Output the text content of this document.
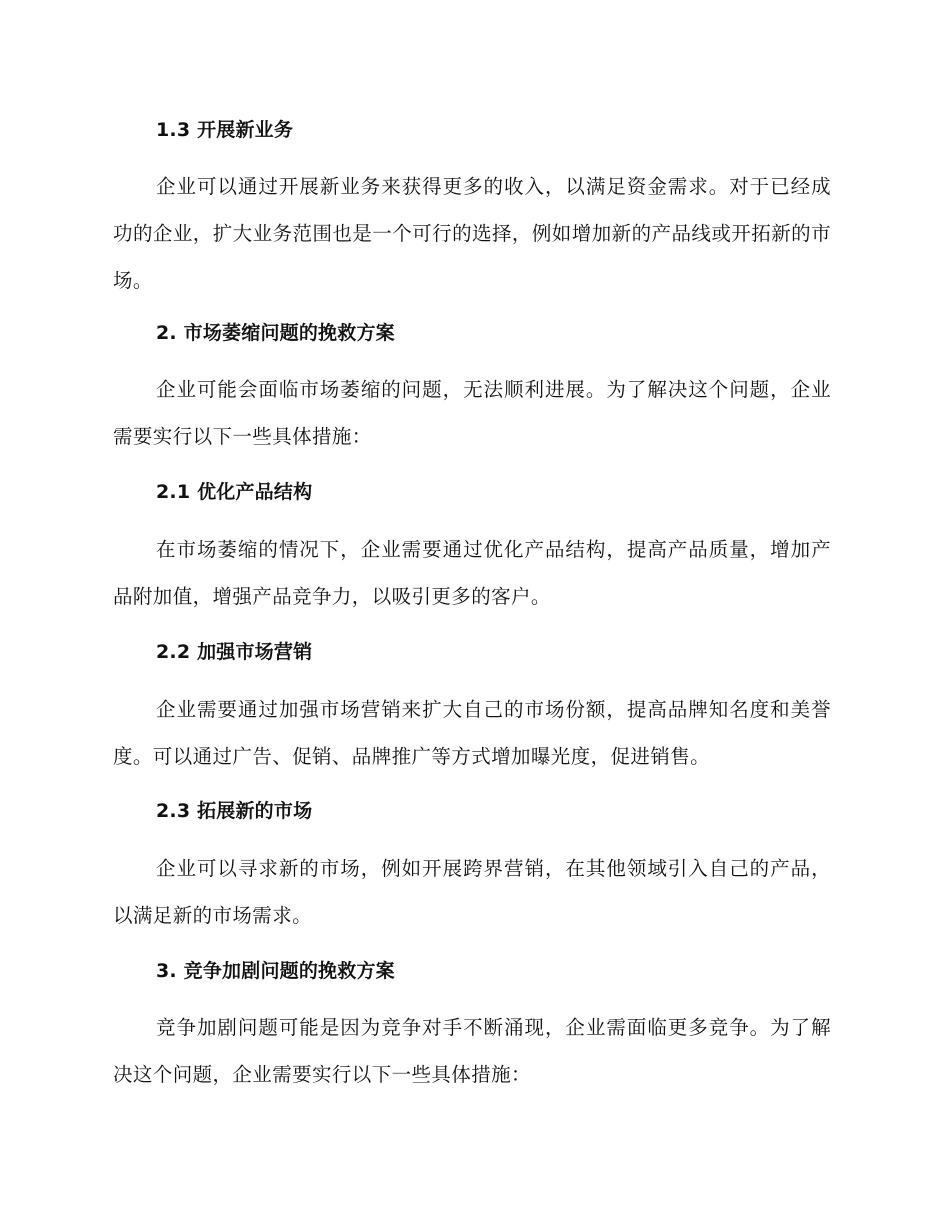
1.3 开展新业务
企业可以通过开展新业务来获得更多的收入，以满足资金需求。对于已经成功的企业，扩大业务范围也是一个可行的选择，例如增加新的产品线或开拓新的市场。
2. 市场萎缩问题的挽救方案
企业可能会面临市场萎缩的问题，无法顺利进展。为了解决这个问题，企业需要实行以下一些具体措施：
2.1 优化产品结构
在市场萎缩的情况下，企业需要通过优化产品结构，提高产品质量，增加产品附加值，增强产品竞争力，以吸引更多的客户。
2.2 加强市场营销
企业需要通过加强市场营销来扩大自己的市场份额，提高品牌知名度和美誉度。可以通过广告、促销、品牌推广等方式增加曝光度，促进销售。
2.3 拓展新的市场
企业可以寻求新的市场，例如开展跨界营销，在其他领域引入自己的产品，以满足新的市场需求。
3. 竞争加剧问题的挽救方案
竞争加剧问题可能是因为竞争对手不断涌现，企业需面临更多竞争。为了解决这个问题，企业需要实行以下一些具体措施：
